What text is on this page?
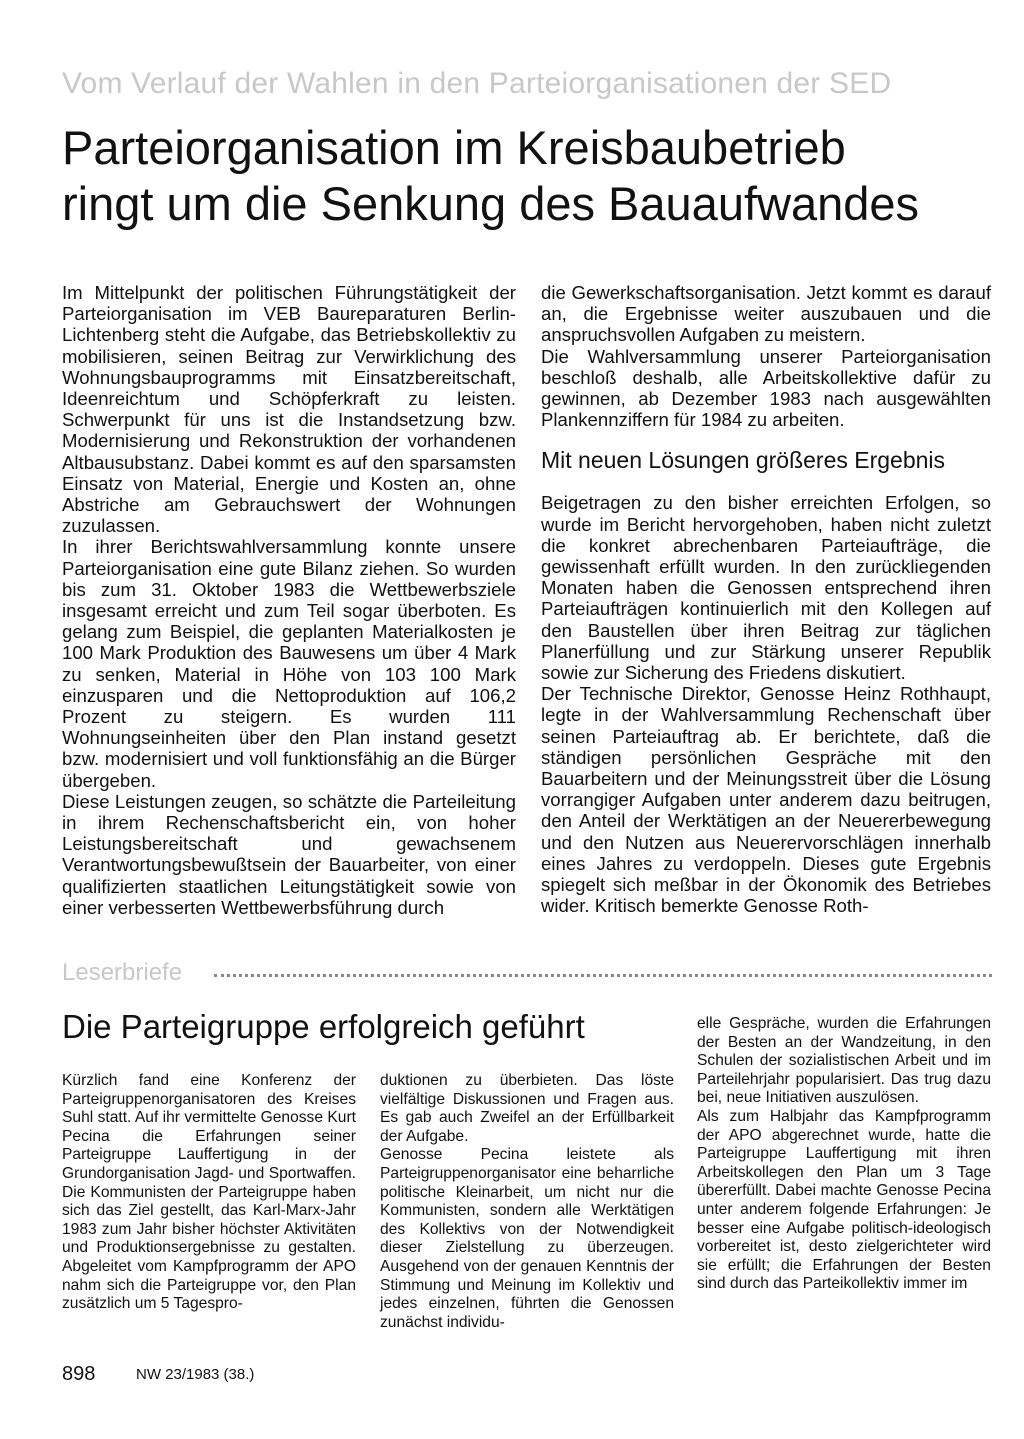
Vom Verlauf der Wahlen in den Parteiorganisationen der SED
Parteiorganisation im Kreisbaubetrieb
ringt um die Senkung des Bauaufwandes

Im Mittelpunkt der politischen Führungstätigkeit der Parteiorganisation im VEB Baureparaturen Berlin-Lichtenberg steht die Aufgabe, das Betriebskollektiv zu mobilisieren, seinen Beitrag zur Verwirklichung des Wohnungsbauprogramms mit Einsatzbereitschaft, Ideenreichtum und Schöpferkraft zu leisten. Schwerpunkt für uns ist die Instandsetzung bzw. Modernisierung und Rekonstruktion der vorhandenen Altbausubstanz. Dabei kommt es auf den sparsamsten Einsatz von Material, Energie und Kosten an, ohne Abstriche am Gebrauchswert der Wohnungen zuzulassen.

In ihrer Berichtswahlversammlung konnte unsere Parteiorganisation eine gute Bilanz ziehen. So wurden bis zum 31. Oktober 1983 die Wettbewerbsziele insgesamt erreicht und zum Teil sogar überboten. Es gelang zum Beispiel, die geplanten Materialkosten je 100 Mark Produktion des Bauwesens um über 4 Mark zu senken, Material in Höhe von 103 100 Mark einzusparen und die Nettoproduktion auf 106,2 Prozent zu steigern. Es wurden 111 Wohnungseinheiten über den Plan instand gesetzt bzw. modernisiert und voll funktionsfähig an die Bürger übergeben.

Diese Leistungen zeugen, so schätzte die Parteileitung in ihrem Rechenschaftsbericht ein, von hoher Leistungsbereitschaft und gewachsenem Verantwortungsbewußtsein der Bauarbeiter, von einer qualifizierten staatlichen Leitungstätigkeit sowie von einer verbesserten Wettbewerbsführung durch

die Gewerkschaftsorganisation. Jetzt kommt es darauf an, die Ergebnisse weiter auszubauen und die anspruchsvollen Aufgaben zu meistern.

Die Wahlversammlung unserer Parteiorganisation beschloß deshalb, alle Arbeitskollektive dafür zu gewinnen, ab Dezember 1983 nach ausgewählten Plankennziffern für 1984 zu arbeiten.

Mit neuen Lösungen größeres Ergebnis

Beigetragen zu den bisher erreichten Erfolgen, so wurde im Bericht hervorgehoben, haben nicht zuletzt die konkret abrechenbaren Parteiaufträge, die gewissenhaft erfüllt wurden. In den zurückliegenden Monaten haben die Genossen entsprechend ihren Parteiaufträgen kontinuierlich mit den Kollegen auf den Baustellen über ihren Beitrag zur täglichen Planerfüllung und zur Stärkung unserer Republik sowie zur Sicherung des Friedens diskutiert.

Der Technische Direktor, Genosse Heinz Rothhaupt, legte in der Wahlversammlung Rechenschaft über seinen Parteiauftrag ab. Er berichtete, daß die ständigen persönlichen Gespräche mit den Bauarbeitern und der Meinungsstreit über die Lösung vorrangiger Aufgaben unter anderem dazu beitrugen, den Anteil der Werktätigen an der Neuererbewegung und den Nutzen aus Neuerervorschlägen innerhalb eines Jahres zu verdoppeln. Dieses gute Ergebnis spiegelt sich meßbar in der Ökonomik des Betriebes wider. Kritisch bemerkte Genosse Roth-

Leserbriefe
Die Parteigruppe erfolgreich geführt

Kürzlich fand eine Konferenz der Parteigruppenorganisatoren des Kreises Suhl statt. Auf ihr vermittelte Genosse Kurt Pecina die Erfahrungen seiner Parteigruppe Lauffertigung in der Grundorganisation Jagd- und Sportwaffen. Die Kommunisten der Parteigruppe haben sich das Ziel gestellt, das Karl-Marx-Jahr 1983 zum Jahr bisher höchster Aktivitäten und Produktionsergebnisse zu gestalten. Abgeleitet vom Kampfprogramm der APO nahm sich die Parteigruppe vor, den Plan zusätzlich um 5 Tagespro-

duktionen zu überbieten. Das löste vielfältige Diskussionen und Fragen aus. Es gab auch Zweifel an der Erfüllbarkeit der Aufgabe.

Genosse Pecina leistete als Parteigruppenorganisator eine beharrliche politische Kleinarbeit, um nicht nur die Kommunisten, sondern alle Werktätigen des Kollektivs von der Notwendigkeit dieser Zielstellung zu überzeugen. Ausgehend von der genauen Kenntnis der Stimmung und Meinung im Kollektiv und jedes einzelnen, führten die Genossen zunächst individu-

elle Gespräche, wurden die Erfahrungen der Besten an der Wandzeitung, in den Schulen der sozialistischen Arbeit und im Parteilehrjahr popularisiert. Das trug dazu bei, neue Initiativen auszulösen.

Als zum Halbjahr das Kampfprogramm der APO abgerechnet wurde, hatte die Parteigruppe Lauffertigung mit ihren Arbeitskollegen den Plan um 3 Tage übererfüllt. Dabei machte Genosse Pecina unter anderem folgende Erfahrungen: Je besser eine Aufgabe politisch-ideologisch vorbereitet ist, desto zielgerichteter wird sie erfüllt; die Erfahrungen der Besten sind durch das Parteikollektiv immer im

898	NW 23/1983 (38.)
